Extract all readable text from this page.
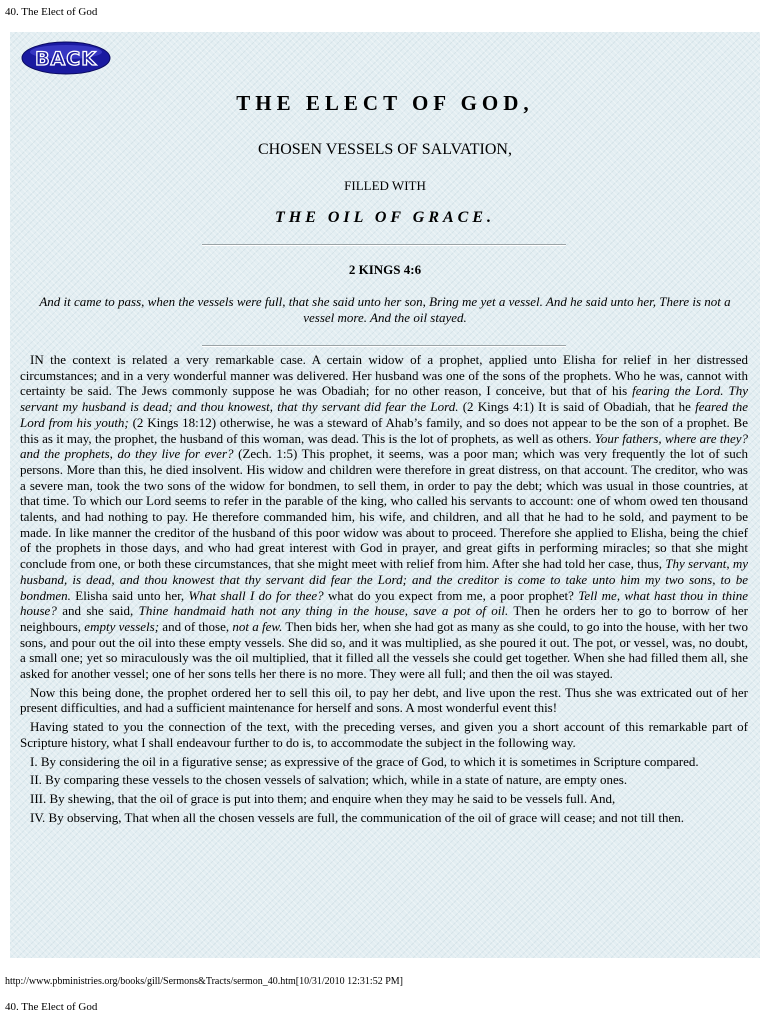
40. The Elect of God
BACK
THE ELECT OF GOD,
CHOSEN VESSELS OF SALVATION,
FILLED WITH
THE OIL OF GRACE.
2 KINGS 4:6
And it came to pass, when the vessels were full, that she said unto her son, Bring me yet a vessel. And he said unto her, There is not a vessel more. And the oil stayed.

IN the context is related a very remarkable case. A certain widow of a prophet, applied unto Elisha for relief in her distressed circumstances; and in a very wonderful manner was delivered. Her husband was one of the sons of the prophets. Who he was, cannot with certainty be said. The Jews commonly suppose he was Obadiah; for no other reason, I conceive, but that of his fearing the Lord. Thy servant my husband is dead; and thou knowest, that thy servant did fear the Lord. (2 Kings 4:1) It is said of Obadiah, that he feared the Lord from his youth; (2 Kings 18:12) otherwise, he was a steward of Ahab’s family, and so does not appear to be the son of a prophet. Be this as it may, the prophet, the husband of this woman, was dead. This is the lot of prophets, as well as others. Your fathers, where are they? and the prophets, do they live for ever? (Zech. 1:5) This prophet, it seems, was a poor man; which was very frequently the lot of such persons. More than this, he died insolvent. His widow and children were therefore in great distress, on that account. The creditor, who was a severe man, took the two sons of the widow for bondmen, to sell them, in order to pay the debt; which was usual in those countries, at that time. To which our Lord seems to refer in the parable of the king, who called his servants to account: one of whom owed ten thousand talents, and had nothing to pay. He therefore commanded him, his wife, and children, and all that he had to he sold, and payment to be made. In like manner the creditor of the husband of this poor widow was about to proceed. Therefore she applied to Elisha, being the chief of the prophets in those days, and who had great interest with God in prayer, and great gifts in performing miracles; so that she might conclude from one, or both these circumstances, that she might meet with relief from him. After she had told her case, thus, Thy servant, my husband, is dead, and thou knowest that thy servant did fear the Lord; and the creditor is come to take unto him my two sons, to be bondmen. Elisha said unto her, What shall I do for thee? what do you expect from me, a poor prophet? Tell me, what hast thou in thine house? and she said, Thine handmaid hath not any thing in the house, save a pot of oil. Then he orders her to go to borrow of her neighbours, empty vessels; and of those, not a few. Then bids her, when she had got as many as she could, to go into the house, with her two sons, and pour out the oil into these empty vessels. She did so, and it was multiplied, as she poured it out. The pot, or vessel, was, no doubt, a small one; yet so miraculously was the oil multiplied, that it filled all the vessels she could get together. When she had filled them all, she asked for another vessel; one of her sons tells her there is no more. They were all full; and then the oil was stayed.

Now this being done, the prophet ordered her to sell this oil, to pay her debt, and live upon the rest. Thus she was extricated out of her present difficulties, and had a sufficient maintenance for herself and sons. A most wonderful event this!

Having stated to you the connection of the text, with the preceding verses, and given you a short account of this remarkable part of Scripture history, what I shall endeavour further to do is, to accommodate the subject in the following way.

I. By considering the oil in a figurative sense; as expressive of the grace of God, to which it is sometimes in Scripture compared.

II. By comparing these vessels to the chosen vessels of salvation; which, while in a state of nature, are empty ones.

III. By shewing, that the oil of grace is put into them; and enquire when they may he said to be vessels full. And,

IV. By observing, That when all the chosen vessels are full, the communication of the oil of grace will cease; and not till then.

http://www.pbministries.org/books/gill/Sermons&Tracts/sermon_40.htm[10/31/2010 12:31:52 PM]
40. The Elect of God
